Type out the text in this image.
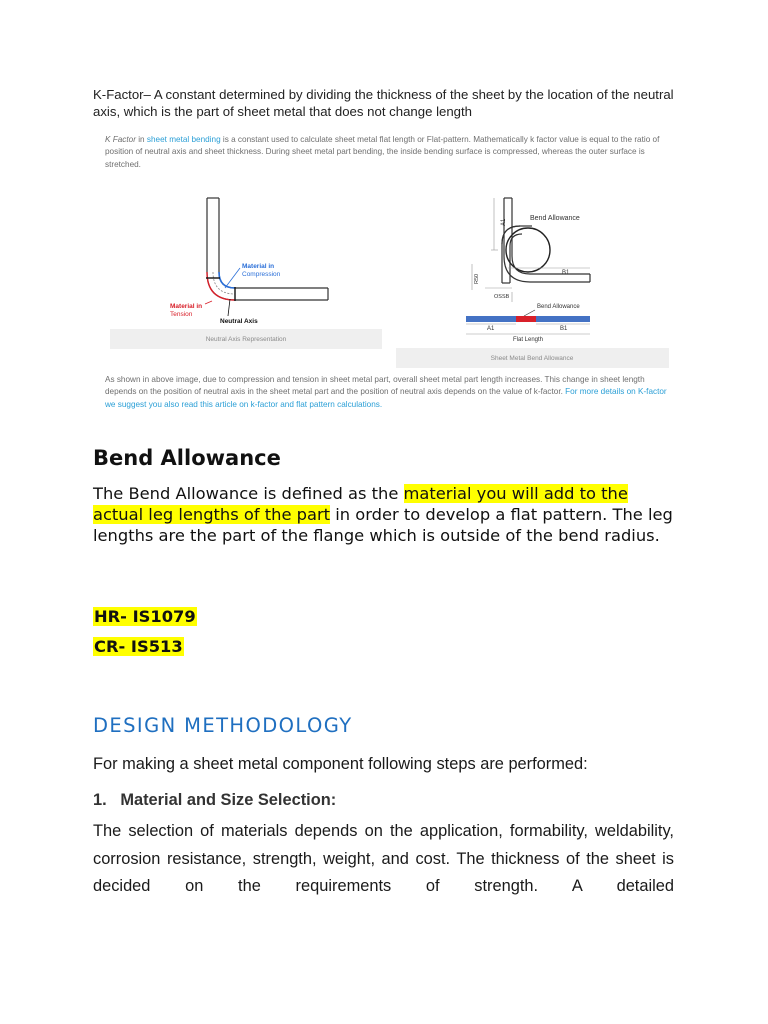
K-Factor– A constant determined by dividing the thickness of the sheet by the location of the neutral axis, which is the part of sheet metal that does not change length
K Factor in sheet metal bending is a constant used to calculate sheet metal flat length or Flat-pattern. Mathematically k factor value is equal to the ratio of position of neutral axis and sheet thickness. During sheet metal part bending, the inside bending surface is compressed, whereas the outer surface is stretched.
Material in
Compression
Material in
Tension
Neutral Axis
Neutral Axis Representation
A1
Bend Allowance
B1
R50
OSSB
Bend Allowance
A1	B1
Flat Length
Sheet Metal Bend Allowance
As shown in above image, due to compression and tension in sheet metal part, overall sheet metal part length increases. This change in sheet length depends on the position of neutral axis in the sheet metal part and the position of neutral axis depends on the value of k-factor. For more details on K-factor we suggest you also read this article on k-factor and flat pattern calculations.
Bend Allowance
The Bend Allowance is defined as the material you will add to the actual leg lengths of the part in order to develop a flat pattern. The leg lengths are the part of the flange which is outside of the bend radius.
HR- IS1079
CR- IS513
DESIGN METHODOLOGY
For making a sheet metal component following steps are performed:
1.   Material and Size Selection:
The selection of materials depends on the application, formability, weldability, corrosion resistance, strength, weight, and cost. The thickness of the sheet is decided on the requirements of strength. A detailed
